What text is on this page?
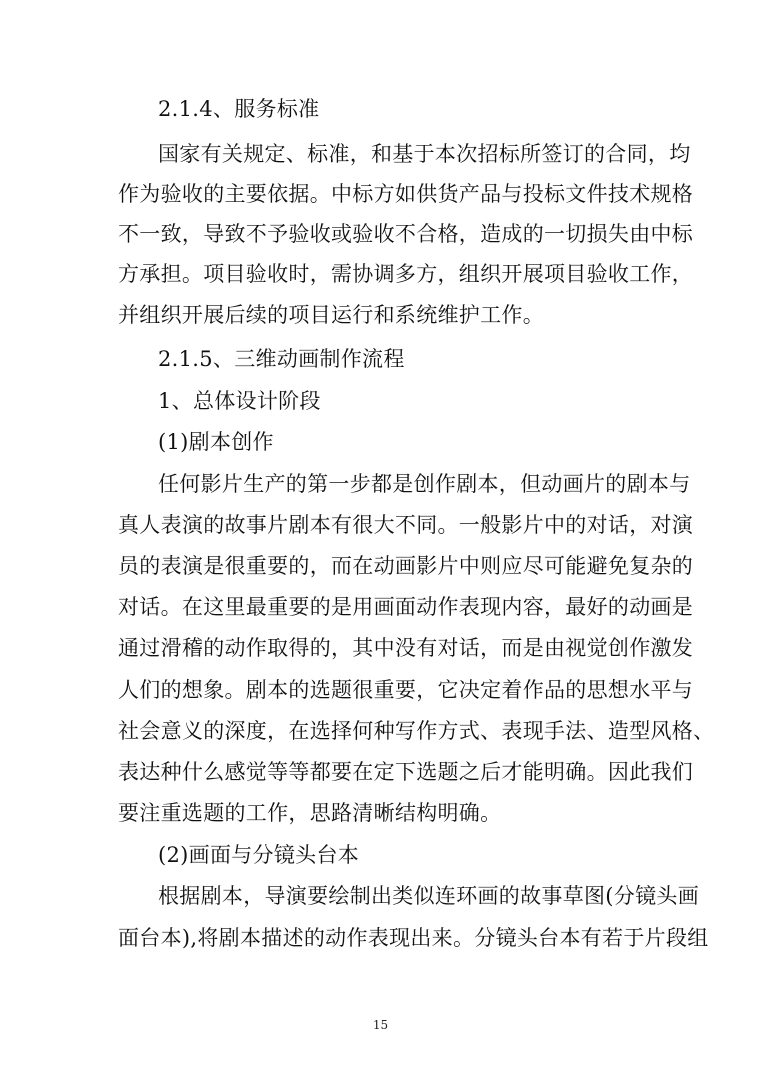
2.1.4、服务标准
国家有关规定、标准，和基于本次招标所签订的合同，均
作为验收的主要依据。中标方如供货产品与投标文件技术规格
不一致，导致不予验收或验收不合格，造成的一切损失由中标
方承担。项目验收时，需协调多方，组织开展项目验收工作，
并组织开展后续的项目运行和系统维护工作。
2.1.5、三维动画制作流程
1、总体设计阶段
(1)剧本创作
任何影片生产的第一步都是创作剧本，但动画片的剧本与
真人表演的故事片剧本有很大不同。一般影片中的对话，对演
员的表演是很重要的，而在动画影片中则应尽可能避免复杂的
对话。在这里最重要的是用画面动作表现内容，最好的动画是
通过滑稽的动作取得的，其中没有对话，而是由视觉创作激发
人们的想象。剧本的选题很重要，它决定着作品的思想水平与
社会意义的深度，在选择何种写作方式、表现手法、造型风格、
表达种什么感觉等等都要在定下选题之后才能明确。因此我们
要注重选题的工作，思路清晰结构明确。
(2)画面与分镜头台本
根据剧本，导演要绘制出类似连环画的故事草图(分镜头画
面台本),将剧本描述的动作表现出来。分镜头台本有若于片段组
15
